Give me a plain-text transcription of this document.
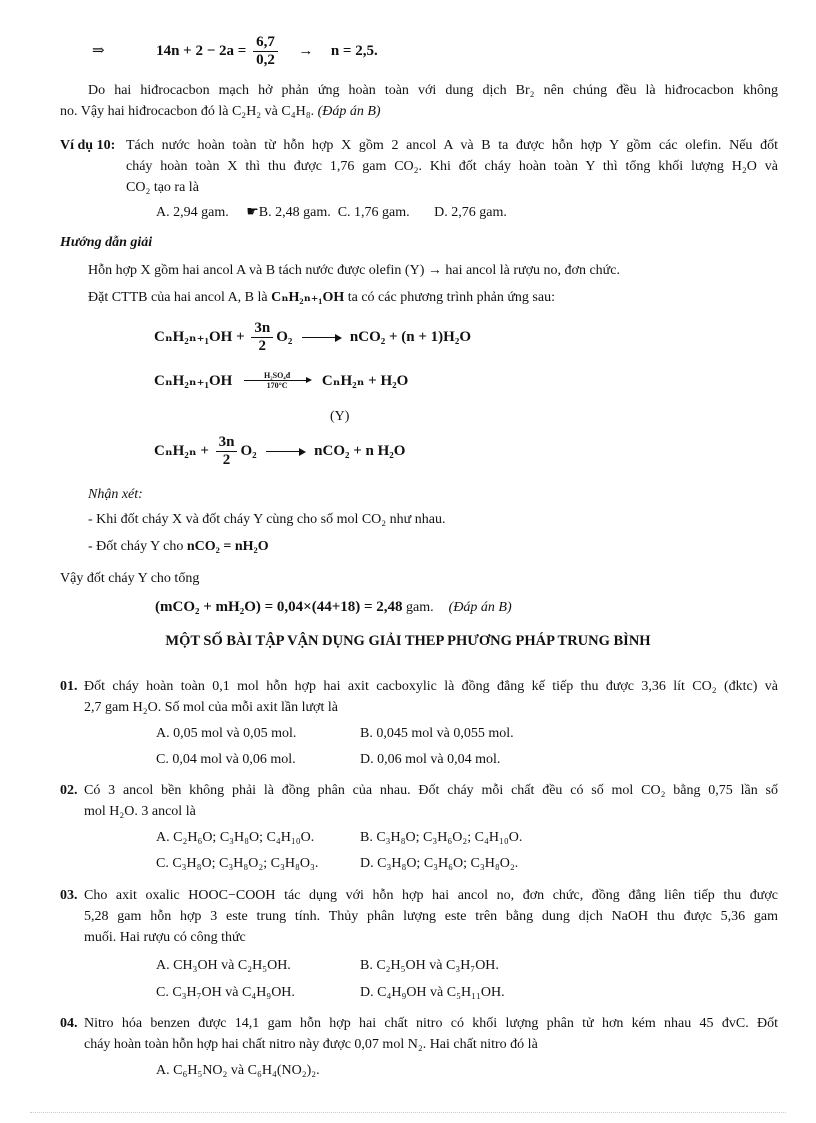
⇒	$14n + 2 - 2a = \frac{6,7}{0,2} \to n = 2,5$.
Do hai hiđrocacbon mạch hở phản ứng hoàn toàn với dung dịch Br₂ nên chúng đều là hiđrocacbon không
no. Vậy hai hiđrocacbon đó là C₂H₂ và C₄H₈. (Đáp án B)
Ví dụ 10: Tách nước hoàn toàn từ hỗn hợp X gồm 2 ancol A và B ta được hỗn hợp Y gồm các olefin. Nếu đốt
cháy hoàn toàn X thì thu được 1,76 gam CO₂. Khi đốt cháy hoàn toàn Y thì tổng khối lượng H₂O và
CO₂ tạo ra là
A. 2,94 gam.     ☛B. 2,48 gam.  C. 1,76 gam.       D. 2,76 gam.
Hướng dẫn giải
Hỗn hợp X gồm hai ancol A và B tách nước được olefin (Y) → hai ancol là rượu no, đơn chức.
Đặt CTTB của hai ancol A, B là CₙH₂ₙ₊₁OH ta có các phương trình phản ứng sau:
$C_nH_{2n+1}OH + \frac{3n}{2} O_2$	nCO₂ + (n + 1)H₂O
$C_nH_{2n+1}OH \frac{\text{H₂SO₄đ}}{170^\circ C} C_nH_{2n} + H_2O$
(Y)
$C_nH_{2n} + \frac{3n}{2} O_2$	nCO₂ + n H₂O
Nhận xét:
- Khi đốt cháy X và đốt cháy Y cùng cho số mol CO₂ như nhau.
- Đốt cháy Y cho nCO₂ = nH₂O
Vậy đốt cháy Y cho tổng
(mCO₂ + mH₂O) = 0,04×(44+18) = 2,48 gam. (Đáp án B)
MỘT SỐ BÀI TẬP VẬN DỤNG GIẢI THEP PHƯƠNG PHÁP TRUNG BÌNH
01. Đốt cháy hoàn toàn 0,1 mol hỗn hợp hai axit cacboxylic là đồng đẳng kế tiếp thu được 3,36 lít CO₂ (đktc) và
2,7 gam H₂O. Số mol của mỗi axit lần lượt là
A. 0,05 mol và 0,05 mol.	B. 0,045 mol và 0,055 mol.
C. 0,04 mol và 0,06 mol.	D. 0,06 mol và 0,04 mol.
02. Có 3 ancol bền không phải là đồng phân của nhau. Đốt cháy mỗi chất đều có số mol CO₂ bằng 0,75 lần số
mol H₂O. 3 ancol là
A. C₂H₆O; C₃H₈O; C₄H₁₀O.	B. C₃H₈O; C₃H₆O₂; C₄H₁₀O.
C. C₃H₈O; C₃H₈O₂; C₃H₈O₃.	D. C₃H₈O; C₃H₆O; C₃H₈O₂.
03. Cho axit oxalic HOOC−COOH tác dụng với hỗn hợp hai ancol no, đơn chức, đồng đẳng liên tiếp thu được
5,28 gam hỗn hợp 3 este trung tính. Thủy phân lượng este trên bằng dung dịch NaOH thu được 5,36 gam
muối. Hai rượu có công thức
A. CH₃OH và C₂H₅OH.	B. C₂H₅OH và C₃H₇OH.
C. C₃H₇OH và C₄H₉OH.	D. C₄H₉OH và C₅H₁₁OH.
04. Nitro hóa benzen được 14,1 gam hỗn hợp hai chất nitro có khối lượng phân tử hơn kém nhau 45 đvC. Đốt
cháy hoàn toàn hỗn hợp hai chất nitro này được 0,07 mol N₂. Hai chất nitro đó là
A. C₆H₅NO₂ và C₆H₄(NO₂)₂.
